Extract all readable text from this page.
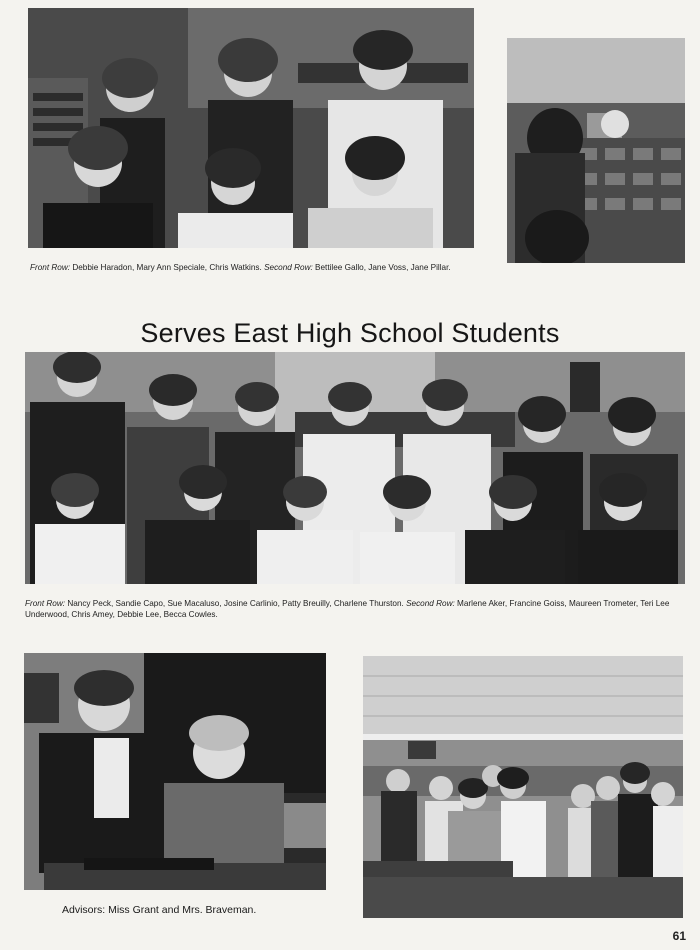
Front Row: Debbie Haradon, Mary Ann Speciale, Chris Watkins. Second Row: Bettilee Gallo, Jane Voss, Jane Pillar.
Serves East High School Students
Front Row: Nancy Peck, Sandie Capo, Sue Macaluso, Josine Carlinio, Patty Breuilly, Charlene Thurston. Second Row: Marlene Aker, Francine Goiss, Maureen Trometer, Teri Lee Underwood, Chris Amey, Debbie Lee, Becca Cowles.
Advisors: Miss Grant and Mrs. Braveman.
61
